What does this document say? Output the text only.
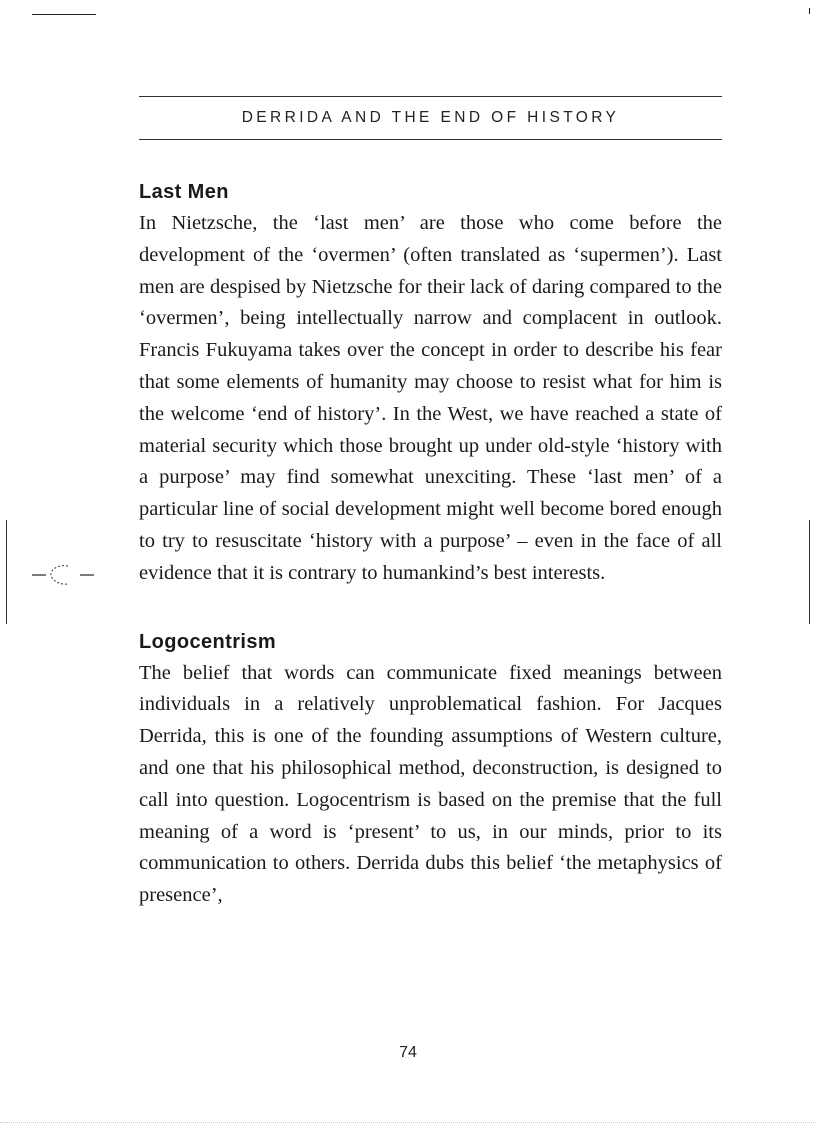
DERRIDA AND THE END OF HISTORY
Last Men

In Nietzsche, the ‘last men’ are those who come before the development of the ‘overmen’ (often translated as ‘supermen’). Last men are despised by Nietzsche for their lack of daring compared to the ‘overmen’, being intellectually narrow and complacent in outlook. Francis Fukuyama takes over the concept in order to describe his fear that some elements of humanity may choose to resist what for him is the welcome ‘end of history’. In the West, we have reached a state of material security which those brought up under old-style ‘history with a purpose’ may find somewhat unexciting. These ‘last men’ of a particular line of social development might well become bored enough to try to resuscitate ‘history with a purpose’ – even in the face of all evidence that it is contrary to humankind’s best interests.

Logocentrism

The belief that words can communicate fixed meanings between individuals in a relatively unproblematical fashion. For Jacques Derrida, this is one of the founding assumptions of Western culture, and one that his philosophical method, deconstruction, is designed to call into question. Logocentrism is based on the premise that the full meaning of a word is ‘present’ to us, in our minds, prior to its communication to others. Derrida dubs this belief ‘the metaphysics of presence’,

74
